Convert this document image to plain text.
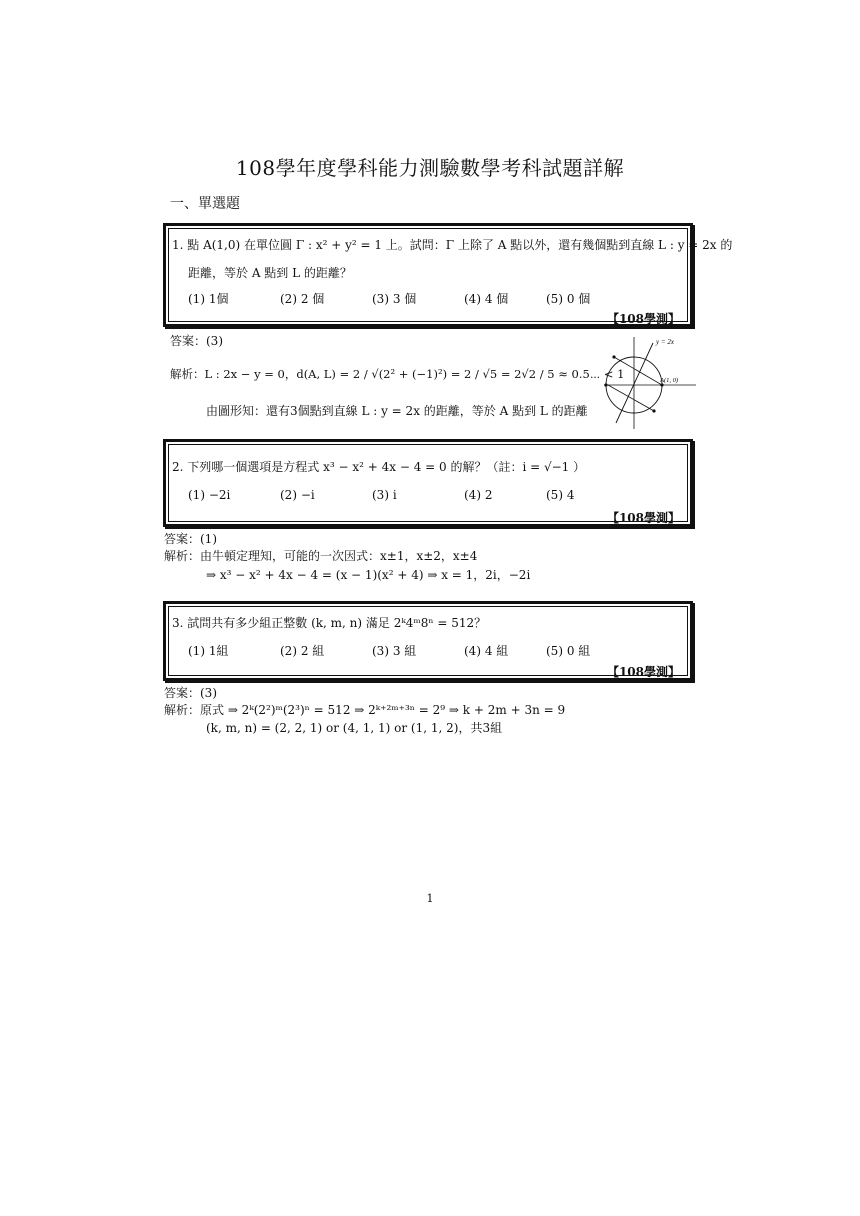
108學年度學科能力測驗數學考科試題詳解
一、單選題
1. 點 A(1,0) 在單位圓 Γ : x² + y² = 1 上。試問：Γ 上除了 A 點以外，還有幾個點到直線 L : y = 2x 的
距離，等於 A 點到 L 的距離？
(1) 1個	(2) 2 個	(3) 3 個	(4) 4 個	(5) 0 個
【108學測】
答案：(3)
解析：L : 2x − y = 0，d(A, L) = 2 / √(2² + (−1)²) = 2 / √5 = 2√2 / 5 ≈ 0.5⋯ < 1
由圖形知：還有3個點到直線 L : y = 2x 的距離，等於 A 點到 L 的距離
y = 2x
A(1, 0)
2. 下列哪一個選項是方程式 x³ − x² + 4x − 4 = 0 的解？（註：i = √−1 ）
(1) −2i	(2) −i	(3) i	(4) 2	(5) 4
【108學測】
答案：(1)
解析：由牛頓定理知，可能的一次因式：x±1，x±2，x±4
⇒ x³ − x² + 4x − 4 = (x − 1)(x² + 4) ⇒ x = 1，2i，−2i
3. 試問共有多少組正整數 (k, m, n) 滿足 2ᵏ4ᵐ8ⁿ = 512？
(1) 1組	(2) 2 組	(3) 3 組	(4) 4 組	(5) 0 組
【108學測】
答案：(3)
解析：原式 ⇒ 2ᵏ(2²)ᵐ(2³)ⁿ = 512 ⇒ 2ᵏ⁺²ᵐ⁺³ⁿ = 2⁹ ⇒ k + 2m + 3n = 9
(k, m, n) = (2, 2, 1) or (4, 1, 1) or (1, 1, 2)，共3組
1
